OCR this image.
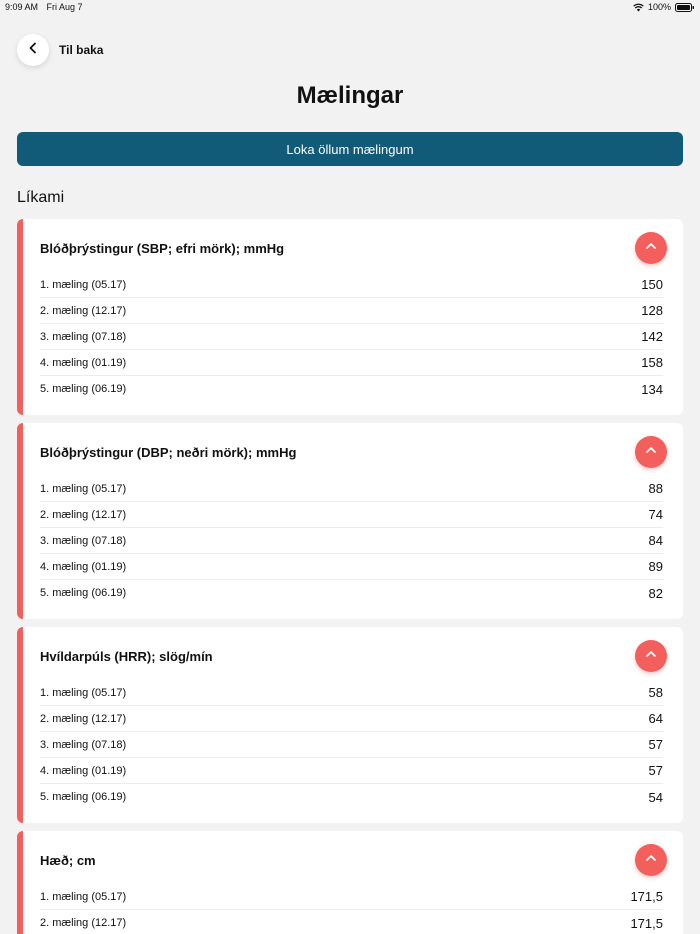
9:09 AM Fri Aug 7	100%
Til baka
Mælingar
Loka öllum mælingum
Líkami
Blóðþrýstingur (SBP; efri mörk); mmHg
1. mæling (05.17)	150
2. mæling (12.17)	128
3. mæling (07.18)	142
4. mæling (01.19)	158
5. mæling (06.19)	134
Blóðþrýstingur (DBP; neðri mörk); mmHg
1. mæling (05.17)	88
2. mæling (12.17)	74
3. mæling (07.18)	84
4. mæling (01.19)	89
5. mæling (06.19)	82
Hvíldarpúls (HRR); slög/mín
1. mæling (05.17)	58
2. mæling (12.17)	64
3. mæling (07.18)	57
4. mæling (01.19)	57
5. mæling (06.19)	54
Hæð; cm
1. mæling (05.17)	171,5
2. mæling (12.17)	171,5
